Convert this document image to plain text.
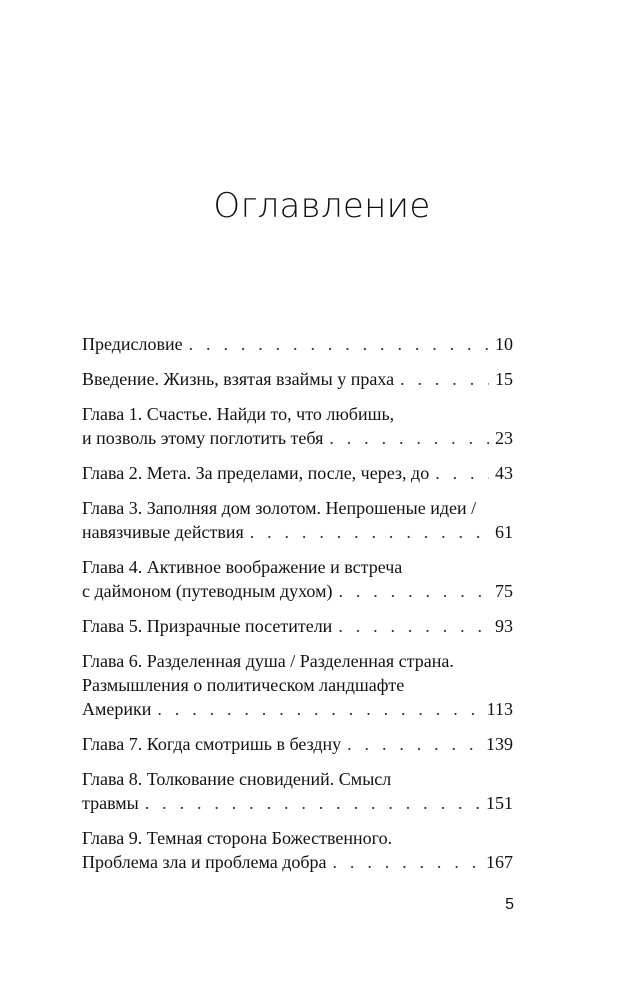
Оглавление
Предисловие . . .	10
Введение. Жизнь, взятая взаймы у праха . . .	15
Глава 1. Счастье. Найди то, что любишь,
и позволь этому поглотить тебя . . .	23
Глава 2. Мета. За пределами, после, через, до . . .	43
Глава 3. Заполняя дом золотом. Непрошеные идеи /
навязчивые действия . . .	61
Глава 4. Активное воображение и встреча
с даймоном (путеводным духом) . . .	75
Глава 5. Призрачные посетители . . .	93
Глава 6. Разделенная душа / Разделенная страна.
Размышления о политическом ландшафте
Америки . . .	113
Глава 7. Когда смотришь в бездну . . .	139
Глава 8. Толкование сновидений. Смысл
травмы . . .	151
Глава 9. Темная сторона Божественного.
Проблема зла и проблема добра . . .	167
5
